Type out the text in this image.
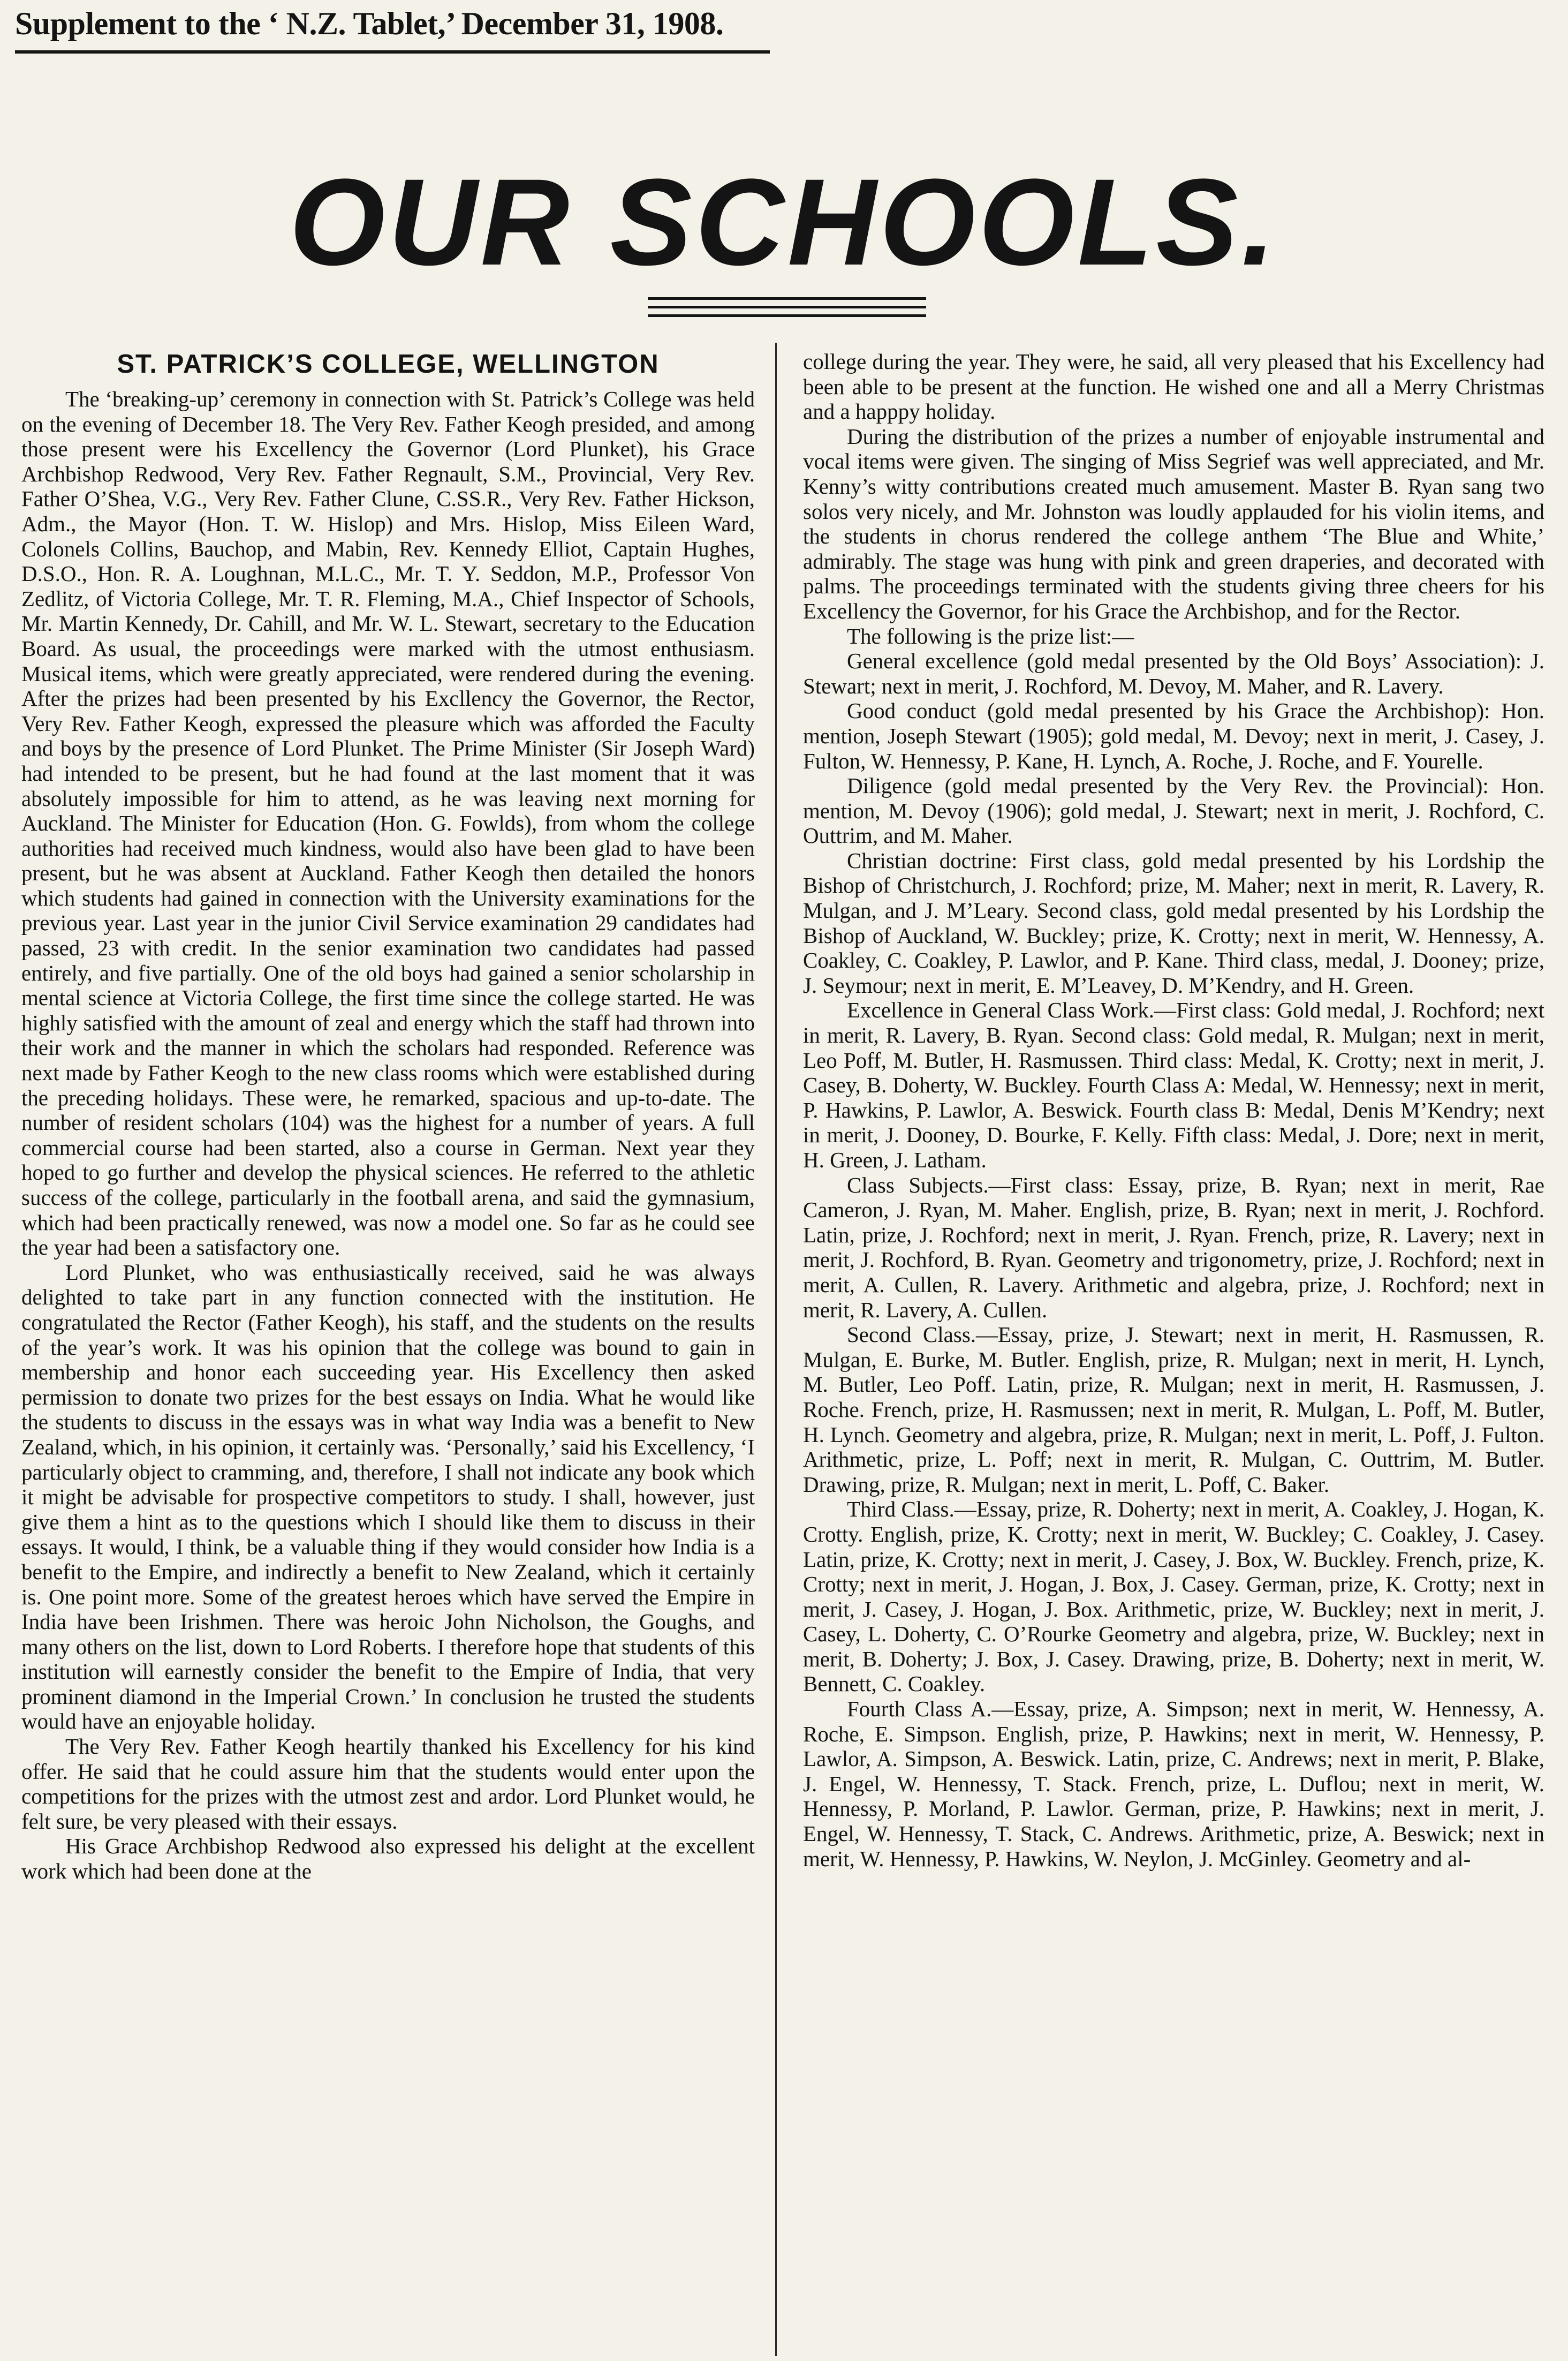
Supplement to the ‘ N.Z. Tablet,’ December 31, 1908.
OUR SCHOOLS.
ST. PATRICK’S COLLEGE, WELLINGTON

The ‘breaking-up’ ceremony in connection with St. Patrick’s College was held on the evening of December 18. The Very Rev. Father Keogh presided, and among those present were his Excellency the Governor (Lord Plunket), his Grace Archbishop Redwood, Very Rev. Father Regnault, S.M., Provincial, Very Rev. Father O’Shea, V.G., Very Rev. Father Clune, C.SS.R., Very Rev. Father Hickson, Adm., the Mayor (Hon. T. W. Hislop) and Mrs. Hislop, Miss Eileen Ward, Colonels Collins, Bauchop, and Mabin, Rev. Kennedy Elliot, Captain Hughes, D.S.O., Hon. R. A. Loughnan, M.L.C., Mr. T. Y. Seddon, M.P., Professor Von Zedlitz, of Victoria College, Mr. T. R. Fleming, M.A., Chief Inspector of Schools, Mr. Martin Kennedy, Dr. Cahill, and Mr. W. L. Stewart, secretary to the Education Board. As usual, the proceedings were marked with the utmost enthusiasm. Musical items, which were greatly appreciated, were rendered during the evening. After the prizes had been presented by his Excllency the Governor, the Rector, Very Rev. Father Keogh, expressed the pleasure which was afforded the Faculty and boys by the presence of Lord Plunket. The Prime Minister (Sir Joseph Ward) had intended to be present, but he had found at the last moment that it was absolutely impossible for him to attend, as he was leaving next morning for Auckland. The Minister for Education (Hon. G. Fowlds), from whom the college authorities had received much kindness, would also have been glad to have been present, but he was absent at Auckland. Father Keogh then detailed the honors which students had gained in connection with the University examinations for the previous year. Last year in the junior Civil Service examination 29 candidates had passed, 23 with credit. In the senior examination two candidates had passed entirely, and five partially. One of the old boys had gained a senior scholarship in mental science at Victoria College, the first time since the college started. He was highly satisfied with the amount of zeal and energy which the staff had thrown into their work and the manner in which the scholars had responded. Reference was next made by Father Keogh to the new class rooms which were established during the preceding holidays. These were, he remarked, spacious and up-to-date. The number of resident scholars (104) was the highest for a number of years. A full commercial course had been started, also a course in German. Next year they hoped to go further and develop the physical sciences. He referred to the athletic success of the college, particularly in the football arena, and said the gymnasium, which had been practically renewed, was now a model one. So far as he could see the year had been a satisfactory one.

Lord Plunket, who was enthusiastically received, said he was always delighted to take part in any function connected with the institution. He congratulated the Rector (Father Keogh), his staff, and the students on the results of the year’s work. It was his opinion that the college was bound to gain in membership and honor each succeeding year. His Excellency then asked permission to donate two prizes for the best essays on India. What he would like the students to discuss in the essays was in what way India was a benefit to New Zealand, which, in his opinion, it certainly was. ‘Personally,’ said his Excellency, ‘I particularly object to cramming, and, therefore, I shall not indicate any book which it might be advisable for prospective competitors to study. I shall, however, just give them a hint as to the questions which I should like them to discuss in their essays. It would, I think, be a valuable thing if they would consider how India is a benefit to the Empire, and indirectly a benefit to New Zealand, which it certainly is. One point more. Some of the greatest heroes which have served the Empire in India have been Irishmen. There was heroic John Nicholson, the Goughs, and many others on the list, down to Lord Roberts. I therefore hope that students of this institution will earnestly consider the benefit to the Empire of India, that very prominent diamond in the Imperial Crown.’ In conclusion he trusted the students would have an enjoyable holiday.

The Very Rev. Father Keogh heartily thanked his Excellency for his kind offer. He said that he could assure him that the students would enter upon the competitions for the prizes with the utmost zest and ardor. Lord Plunket would, he felt sure, be very pleased with their essays.

His Grace Archbishop Redwood also expressed his delight at the excellent work which had been done at the

college during the year. They were, he said, all very pleased that his Excellency had been able to be present at the function. He wished one and all a Merry Christmas and a happpy holiday.

During the distribution of the prizes a number of enjoyable instrumental and vocal items were given. The singing of Miss Segrief was well appreciated, and Mr. Kenny’s witty contributions created much amusement. Master B. Ryan sang two solos very nicely, and Mr. Johnston was loudly applauded for his violin items, and the students in chorus rendered the college anthem ‘The Blue and White,’ admirably. The stage was hung with pink and green draperies, and decorated with palms. The proceedings terminated with the students giving three cheers for his Excellency the Governor, for his Grace the Archbishop, and for the Rector.

The following is the prize list:—

General excellence (gold medal presented by the Old Boys’ Association): J. Stewart; next in merit, J. Rochford, M. Devoy, M. Maher, and R. Lavery.

Good conduct (gold medal presented by his Grace the Archbishop): Hon. mention, Joseph Stewart (1905); gold medal, M. Devoy; next in merit, J. Casey, J. Fulton, W. Hennessy, P. Kane, H. Lynch, A. Roche, J. Roche, and F. Yourelle.

Diligence (gold medal presented by the Very Rev. the Provincial): Hon. mention, M. Devoy (1906); gold medal, J. Stewart; next in merit, J. Rochford, C. Outtrim, and M. Maher.

Christian doctrine: First class, gold medal presented by his Lordship the Bishop of Christchurch, J. Rochford; prize, M. Maher; next in merit, R. Lavery, R. Mulgan, and J. M’Leary. Second class, gold medal presented by his Lordship the Bishop of Auckland, W. Buckley; prize, K. Crotty; next in merit, W. Hennessy, A. Coakley, C. Coakley, P. Lawlor, and P. Kane. Third class, medal, J. Dooney; prize, J. Seymour; next in merit, E. M’Leavey, D. M’Kendry, and H. Green.

Excellence in General Class Work.—First class: Gold medal, J. Rochford; next in merit, R. Lavery, B. Ryan. Second class: Gold medal, R. Mulgan; next in merit, Leo Poff, M. Butler, H. Rasmussen. Third class: Medal, K. Crotty; next in merit, J. Casey, B. Doherty, W. Buckley. Fourth Class A: Medal, W. Hennessy; next in merit, P. Hawkins, P. Lawlor, A. Beswick. Fourth class B: Medal, Denis M’Kendry; next in merit, J. Dooney, D. Bourke, F. Kelly. Fifth class: Medal, J. Dore; next in merit, H. Green, J. Latham.

Class Subjects.—First class: Essay, prize, B. Ryan; next in merit, Rae Cameron, J. Ryan, M. Maher. English, prize, B. Ryan; next in merit, J. Rochford. Latin, prize, J. Rochford; next in merit, J. Ryan. French, prize, R. Lavery; next in merit, J. Rochford, B. Ryan. Geometry and trigonometry, prize, J. Rochford; next in merit, A. Cullen, R. Lavery. Arithmetic and algebra, prize, J. Rochford; next in merit, R. Lavery, A. Cullen.

Second Class.—Essay, prize, J. Stewart; next in merit, H. Rasmussen, R. Mulgan, E. Burke, M. Butler. English, prize, R. Mulgan; next in merit, H. Lynch, M. Butler, Leo Poff. Latin, prize, R. Mulgan; next in merit, H. Rasmussen, J. Roche. French, prize, H. Rasmussen; next in merit, R. Mulgan, L. Poff, M. Butler, H. Lynch. Geometry and algebra, prize, R. Mulgan; next in merit, L. Poff, J. Fulton. Arithmetic, prize, L. Poff; next in merit, R. Mulgan, C. Outtrim, M. Butler. Drawing, prize, R. Mulgan; next in merit, L. Poff, C. Baker.

Third Class.—Essay, prize, R. Doherty; next in merit, A. Coakley, J. Hogan, K. Crotty. English, prize, K. Crotty; next in merit, W. Buckley; C. Coakley, J. Casey. Latin, prize, K. Crotty; next in merit, J. Casey, J. Box, W. Buckley. French, prize, K. Crotty; next in merit, J. Hogan, J. Box, J. Casey. German, prize, K. Crotty; next in merit, J. Casey, J. Hogan, J. Box. Arithmetic, prize, W. Buckley; next in merit, J. Casey, L. Doherty, C. O’Rourke Geometry and algebra, prize, W. Buckley; next in merit, B. Doherty; J. Box, J. Casey. Drawing, prize, B. Doherty; next in merit, W. Bennett, C. Coakley.

Fourth Class A.—Essay, prize, A. Simpson; next in merit, W. Hennessy, A. Roche, E. Simpson. English, prize, P. Hawkins; next in merit, W. Hennessy, P. Lawlor, A. Simpson, A. Beswick. Latin, prize, C. Andrews; next in merit, P. Blake, J. Engel, W. Hennessy, T. Stack. French, prize, L. Duflou; next in merit, W. Hennessy, P. Morland, P. Lawlor. German, prize, P. Hawkins; next in merit, J. Engel, W. Hennessy, T. Stack, C. Andrews. Arithmetic, prize, A. Beswick; next in merit, W. Hennessy, P. Hawkins, W. Neylon, J. McGinley. Geometry and al-
